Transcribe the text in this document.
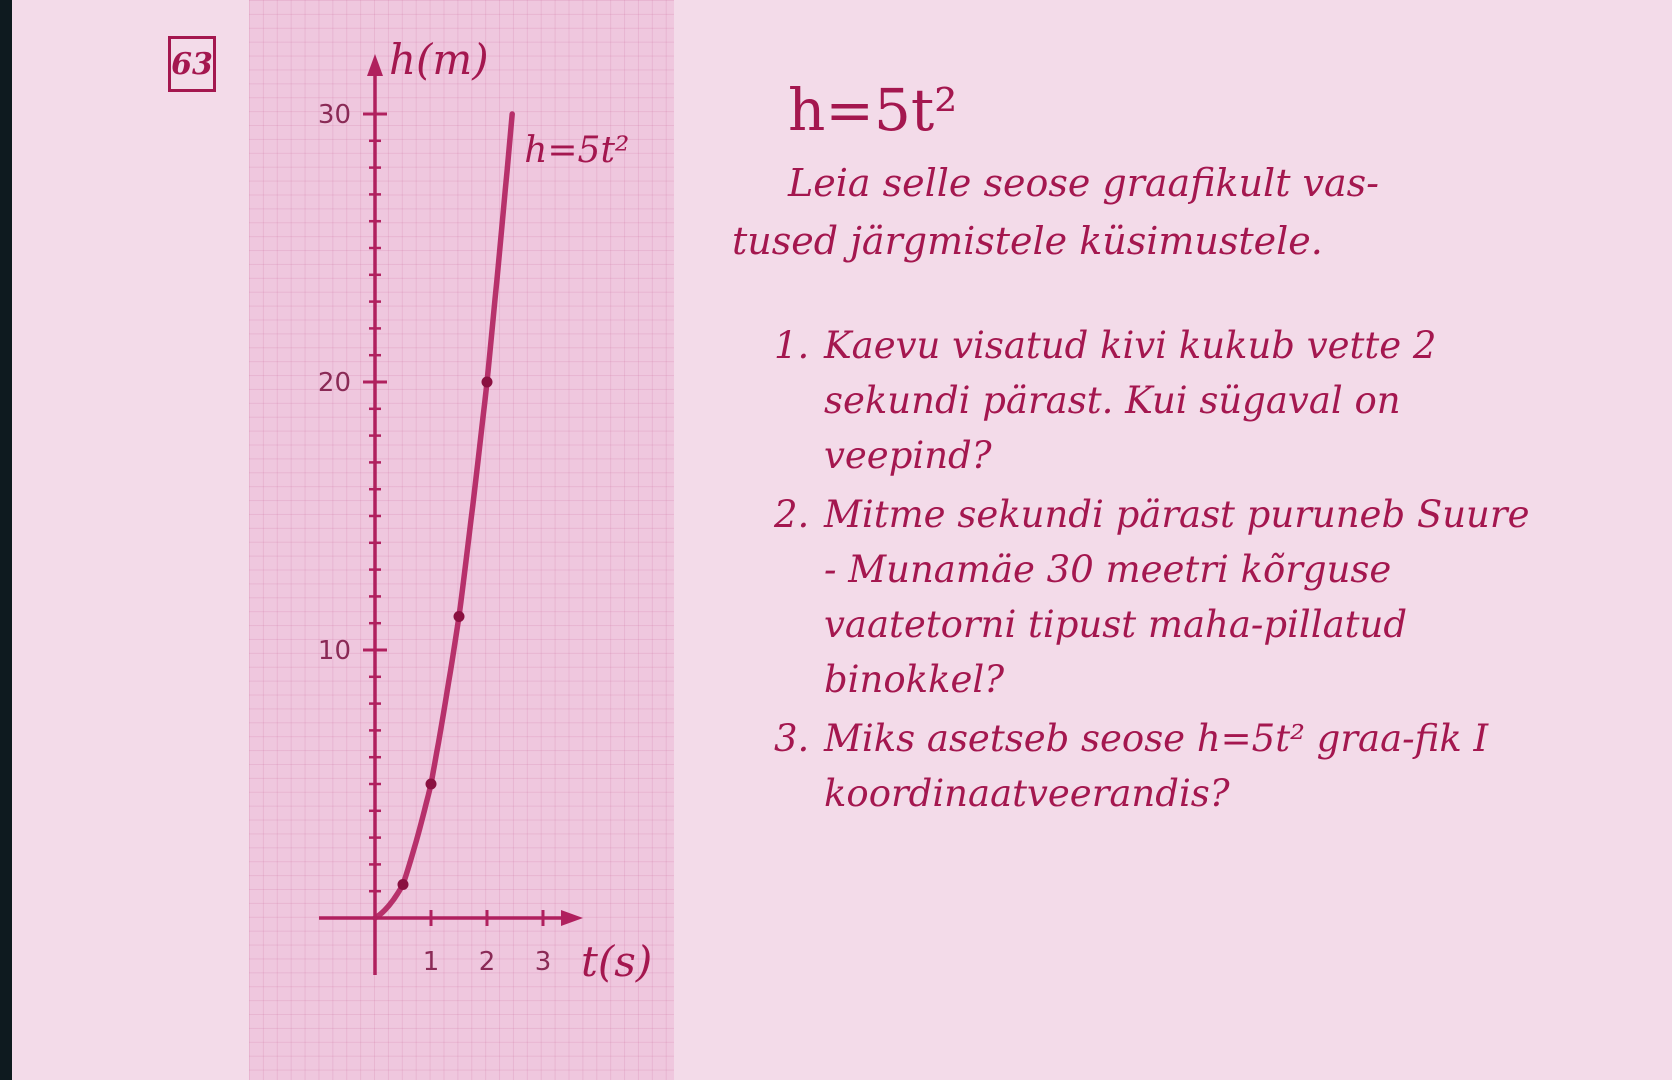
63
10
20
30
1 2 3
h(m)
t(s)
h=5t²
h=5t²
Leia selle seose graafikult vas-
tused järgmistele küsimustele.
1. Kaevu visatud kivi kukub vette 2 sekundi pärast. Kui sügaval on veepind?
2. Mitme sekundi pärast puruneb Suure - Munamäe 30 meetri kõrguse vaatetorni tipust maha-pillatud binokkel?
3. Miks asetseb seose h=5t² graa-fik I koordinaatveerandis?
